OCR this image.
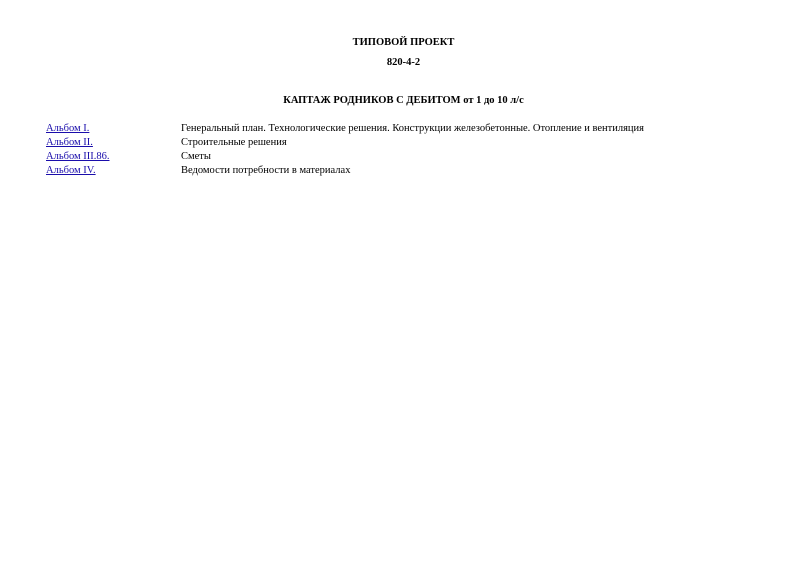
ТИПОВОЙ ПРОЕКТ
820-4-2
КАПТАЖ РОДНИКОВ С ДЕБИТОМ от 1 до 10 л/с
Альбом I.	Генеральный план. Технологические решения. Конструкции железобетонные. Отопление и вентиляция
Альбом II.	Строительные решения
Альбом III.86.	Сметы
Альбом IV.	Ведомости потребности в материалах
